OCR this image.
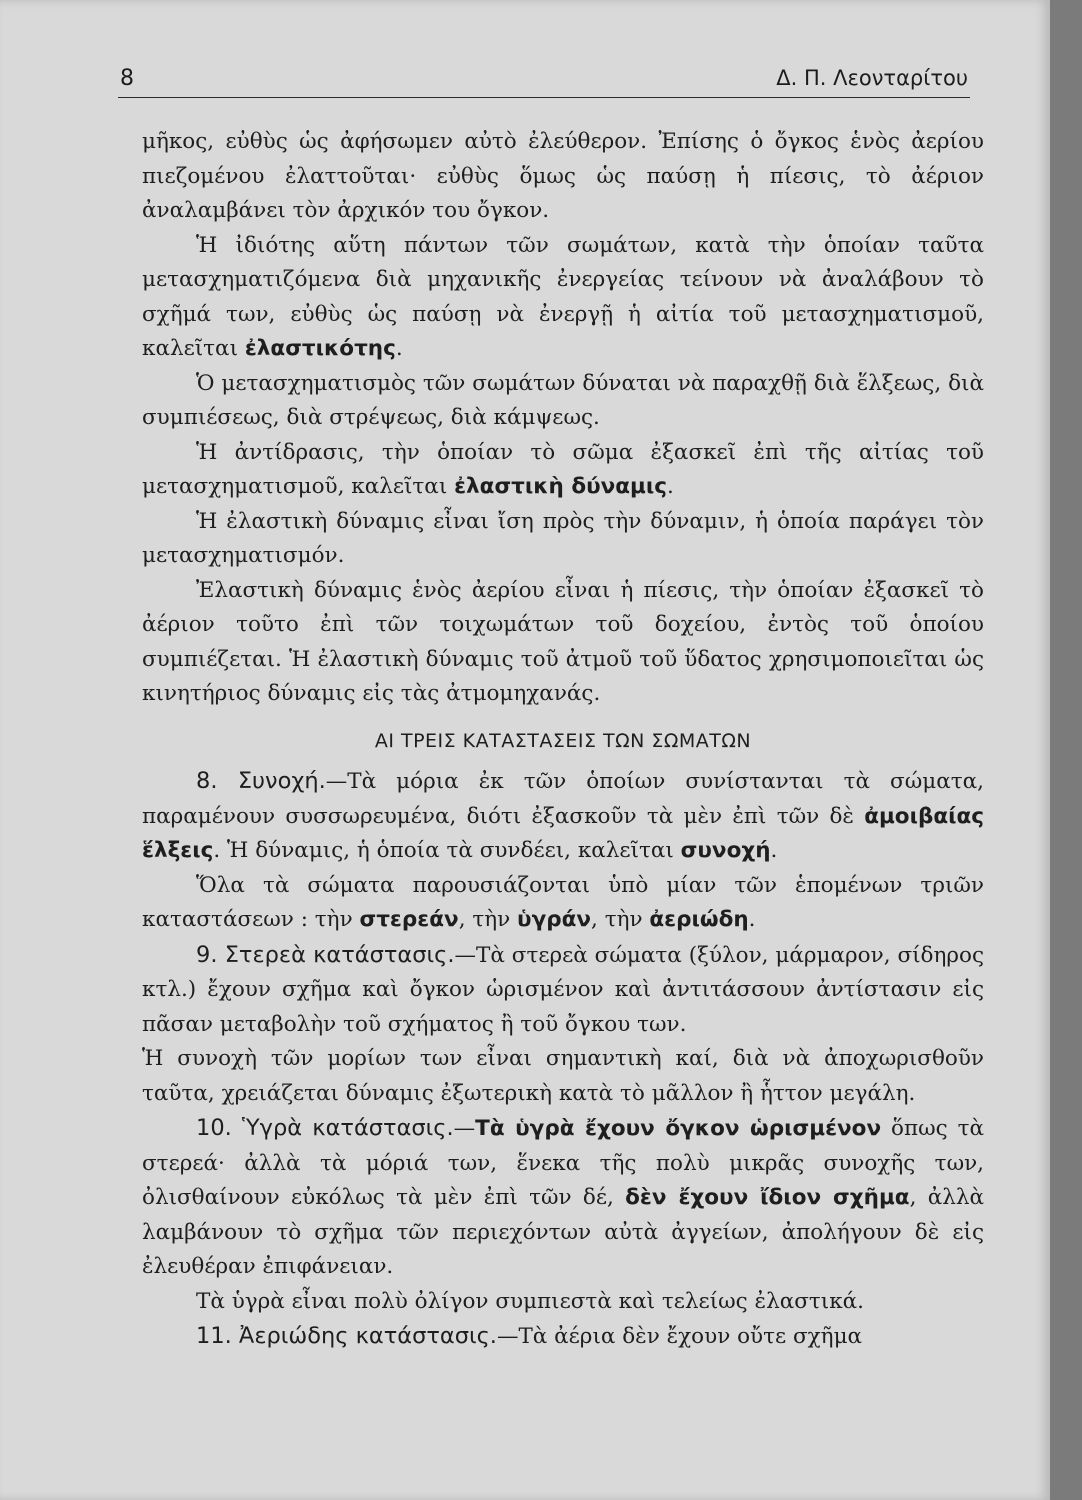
8	Δ. Π. Λεονταρίτου

μῆκος, εὐθὺς ὡς ἀφήσωμεν αὐτὸ ἐλεύθερον. Ἐπίσης ὁ ὄγκος ἑνὸς ἀερίου πιεζομένου ἐλαττοῦται· εὐθὺς ὅμως ὡς παύσῃ ἡ πίεσις, τὸ ἀέριον ἀναλαμβάνει τὸν ἀρχικόν του ὄγκον.

Ἡ ἰδιότης αὕτη πάντων τῶν σωμάτων, κατὰ τὴν ὁποίαν ταῦτα μετασχηματιζόμενα διὰ μηχανικῆς ἐνεργείας τείνουν νὰ ἀναλάβουν τὸ σχῆμά των, εὐθὺς ὡς παύσῃ νὰ ἐνεργῇ ἡ αἰτία τοῦ μετασχηματισμοῦ, καλεῖται ἐλαστικότης.

Ὁ μετασχηματισμὸς τῶν σωμάτων δύναται νὰ παραχθῇ διὰ ἕλξεως, διὰ συμπιέσεως, διὰ στρέψεως, διὰ κάμψεως.

Ἡ ἀντίδρασις, τὴν ὁποίαν τὸ σῶμα ἐξασκεῖ ἐπὶ τῆς αἰτίας τοῦ μετασχηματισμοῦ, καλεῖται ἐλαστικὴ δύναμις.

Ἡ ἐλαστικὴ δύναμις εἶναι ἴση πρὸς τὴν δύναμιν, ἡ ὁποία παράγει τὸν μετασχηματισμόν.

Ἐλαστικὴ δύναμις ἑνὸς ἀερίου εἶναι ἡ πίεσις, τὴν ὁποίαν ἐξασκεῖ τὸ ἀέριον τοῦτο ἐπὶ τῶν τοιχωμάτων τοῦ δοχείου, ἐντὸς τοῦ ὁποίου συμπιέζεται. Ἡ ἐλαστικὴ δύναμις τοῦ ἀτμοῦ τοῦ ὕδατος χρησιμοποιεῖται ὡς κινητήριος δύναμις εἰς τὰς ἀτμομηχανάς.

ΑΙ ΤΡΕΙΣ ΚΑΤΑΣΤΑΣΕΙΣ ΤΩΝ ΣΩΜΑΤΩΝ

8. Συνοχή.—Τὰ μόρια ἐκ τῶν ὁποίων συνίστανται τὰ σώματα, παραμένουν συσσωρευμένα, διότι ἐξασκοῦν τὰ μὲν ἐπὶ τῶν δὲ ἀμοιβαίας ἕλξεις. Ἡ δύναμις, ἡ ὁποία τὰ συνδέει, καλεῖται συνοχή.

Ὅλα τὰ σώματα παρουσιάζονται ὑπὸ μίαν τῶν ἑπομένων τριῶν καταστάσεων : τὴν στερεάν, τὴν ὑγράν, τὴν ἀεριώδη.

9. Στερεὰ κατάστασις.—Τὰ στερεὰ σώματα (ξύλον, μάρμαρον, σίδηρος κτλ.) ἔχουν σχῆμα καὶ ὄγκον ὡρισμένον καὶ ἀντιτάσσουν ἀντίστασιν εἰς πᾶσαν μεταβολὴν τοῦ σχήματος ἢ τοῦ ὄγκου των.

Ἡ συνοχὴ τῶν μορίων των εἶναι σημαντικὴ καί, διὰ νὰ ἀποχωρισθοῦν ταῦτα, χρειάζεται δύναμις ἐξωτερικὴ κατὰ τὸ μᾶλλον ἢ ἧττον μεγάλη.

10. Ὑγρὰ κατάστασις.—Τὰ ὑγρὰ ἔχουν ὄγκον ὡρισμένον ὅπως τὰ στερεά· ἀλλὰ τὰ μόριά των, ἕνεκα τῆς πολὺ μικρᾶς συνοχῆς των, ὀλισθαίνουν εὐκόλως τὰ μὲν ἐπὶ τῶν δέ, δὲν ἔχουν ἴδιον σχῆμα, ἀλλὰ λαμβάνουν τὸ σχῆμα τῶν περιεχόντων αὐτὰ ἀγγείων, ἀπολήγουν δὲ εἰς ἐλευθέραν ἐπιφάνειαν.

Τὰ ὑγρὰ εἶναι πολὺ ὀλίγον συμπιεστὰ καὶ τελείως ἐλαστικά.

11. Ἀεριώδης κατάστασις.—Τὰ ἀέρια δὲν ἔχουν οὔτε σχῆμα
